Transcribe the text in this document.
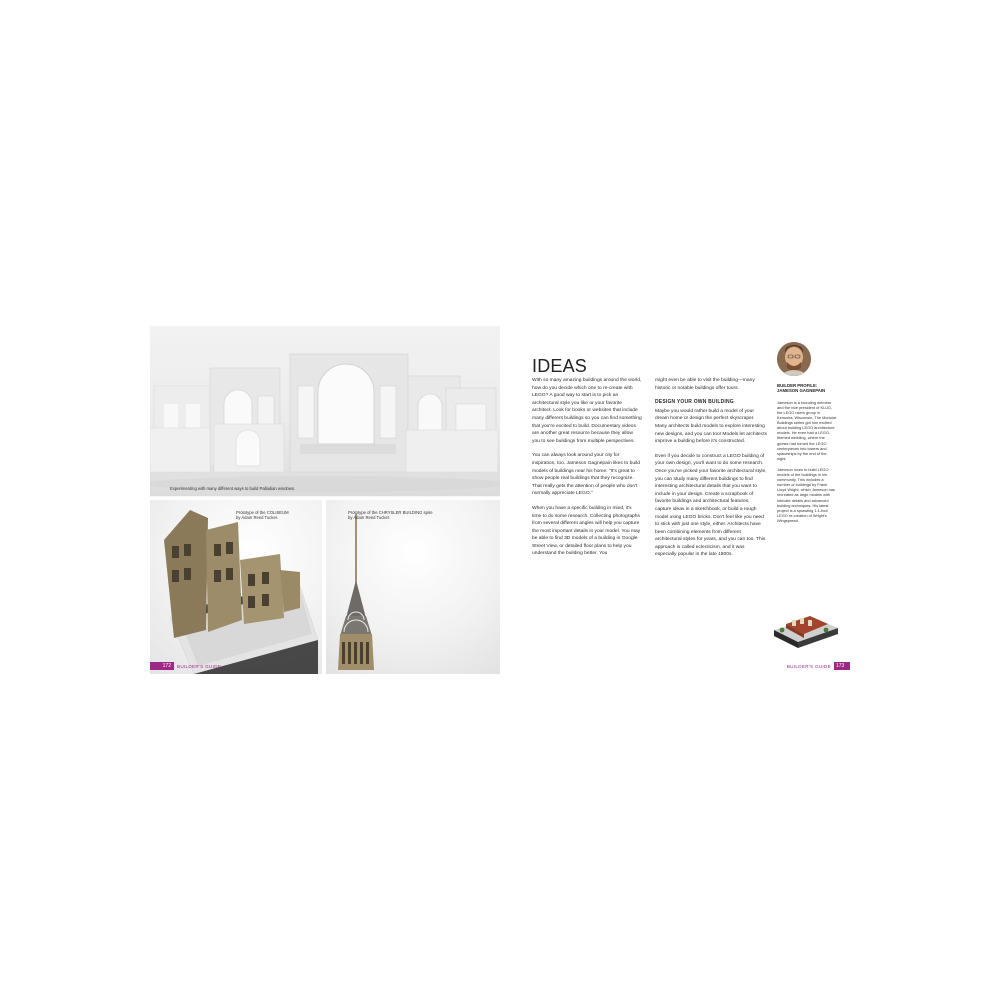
Experimenting with many different ways to build Palladian windows.
Prototype of the COLISEUM
by Adam Reed Tucker.
Prototype of the CHRYSLER BUILDING spire
by Adam Reed Tucker.
172	BUILDER'S GUIDE
IDEAS

With so many amazing buildings around the world, how do you decide which one to re-create with LEGO? A good way to start is to pick an architectural style you like or your favorite architect. Look for books or websites that include many different buildings so you can find something that you're excited to build. Documentary videos are another great resource because they allow you to see buildings from multiple perspectives.

You can always look around your city for inspiration, too. Jameson Gagnepain likes to build models of buildings near his home: "It's great to show people real buildings that they recognize. That really gets the attention of people who don't normally appreciate LEGO."

When you have a specific building in mind, it's time to do some research. Collecting photographs from several different angles will help you capture the most important details in your model. You may be able to find 3D models of a building in Google Street View, or detailed floor plans to help you understand the building better. You

might even be able to visit the building—many historic or notable buildings offer tours.

DESIGN YOUR OWN BUILDING

Maybe you would rather build a model of your dream home or design the perfect skyscraper. Many architects build models to explore interesting new designs, and you can too! Models let architects improve a building before it's constructed.

Even if you decide to construct a LEGO building of your own design, you'll want to do some research. Once you've picked your favorite architectural style, you can study many different buildings to find interesting architectural details that you want to include in your design. Create a scrapbook of favorite buildings and architectural features, capture ideas in a sketchbook, or build a rough model using LEGO bricks. Don't feel like you need to stick with just one style, either. Architects have been combining elements from different architectural styles for years, and you can too. This approach is called eclecticism, and it was especially popular in the late 1800s.

BUILDER PROFILE:
JAMESON GAGNEPAIN

Jameson is a founding member and the vice president of KLUG, the LEGO users group in Kenosha, Wisconsin. The Modular Buildings series got him excited about building LEGO architecture models. He even had a LEGO-themed wedding, where the guests had turned the LEGO centerpieces into towers and spaceships by the end of the night.

Jameson loves to build LEGO models of the buildings in his community. This includes a number of buildings by Frank Lloyd Wright, which Jameson has recreated as large models with intricate details and advanced building techniques. His latest project is a sprawling 1:1-foot LEGO re-creation of Wright's Wingspread.

BUILDER'S GUIDE	173
